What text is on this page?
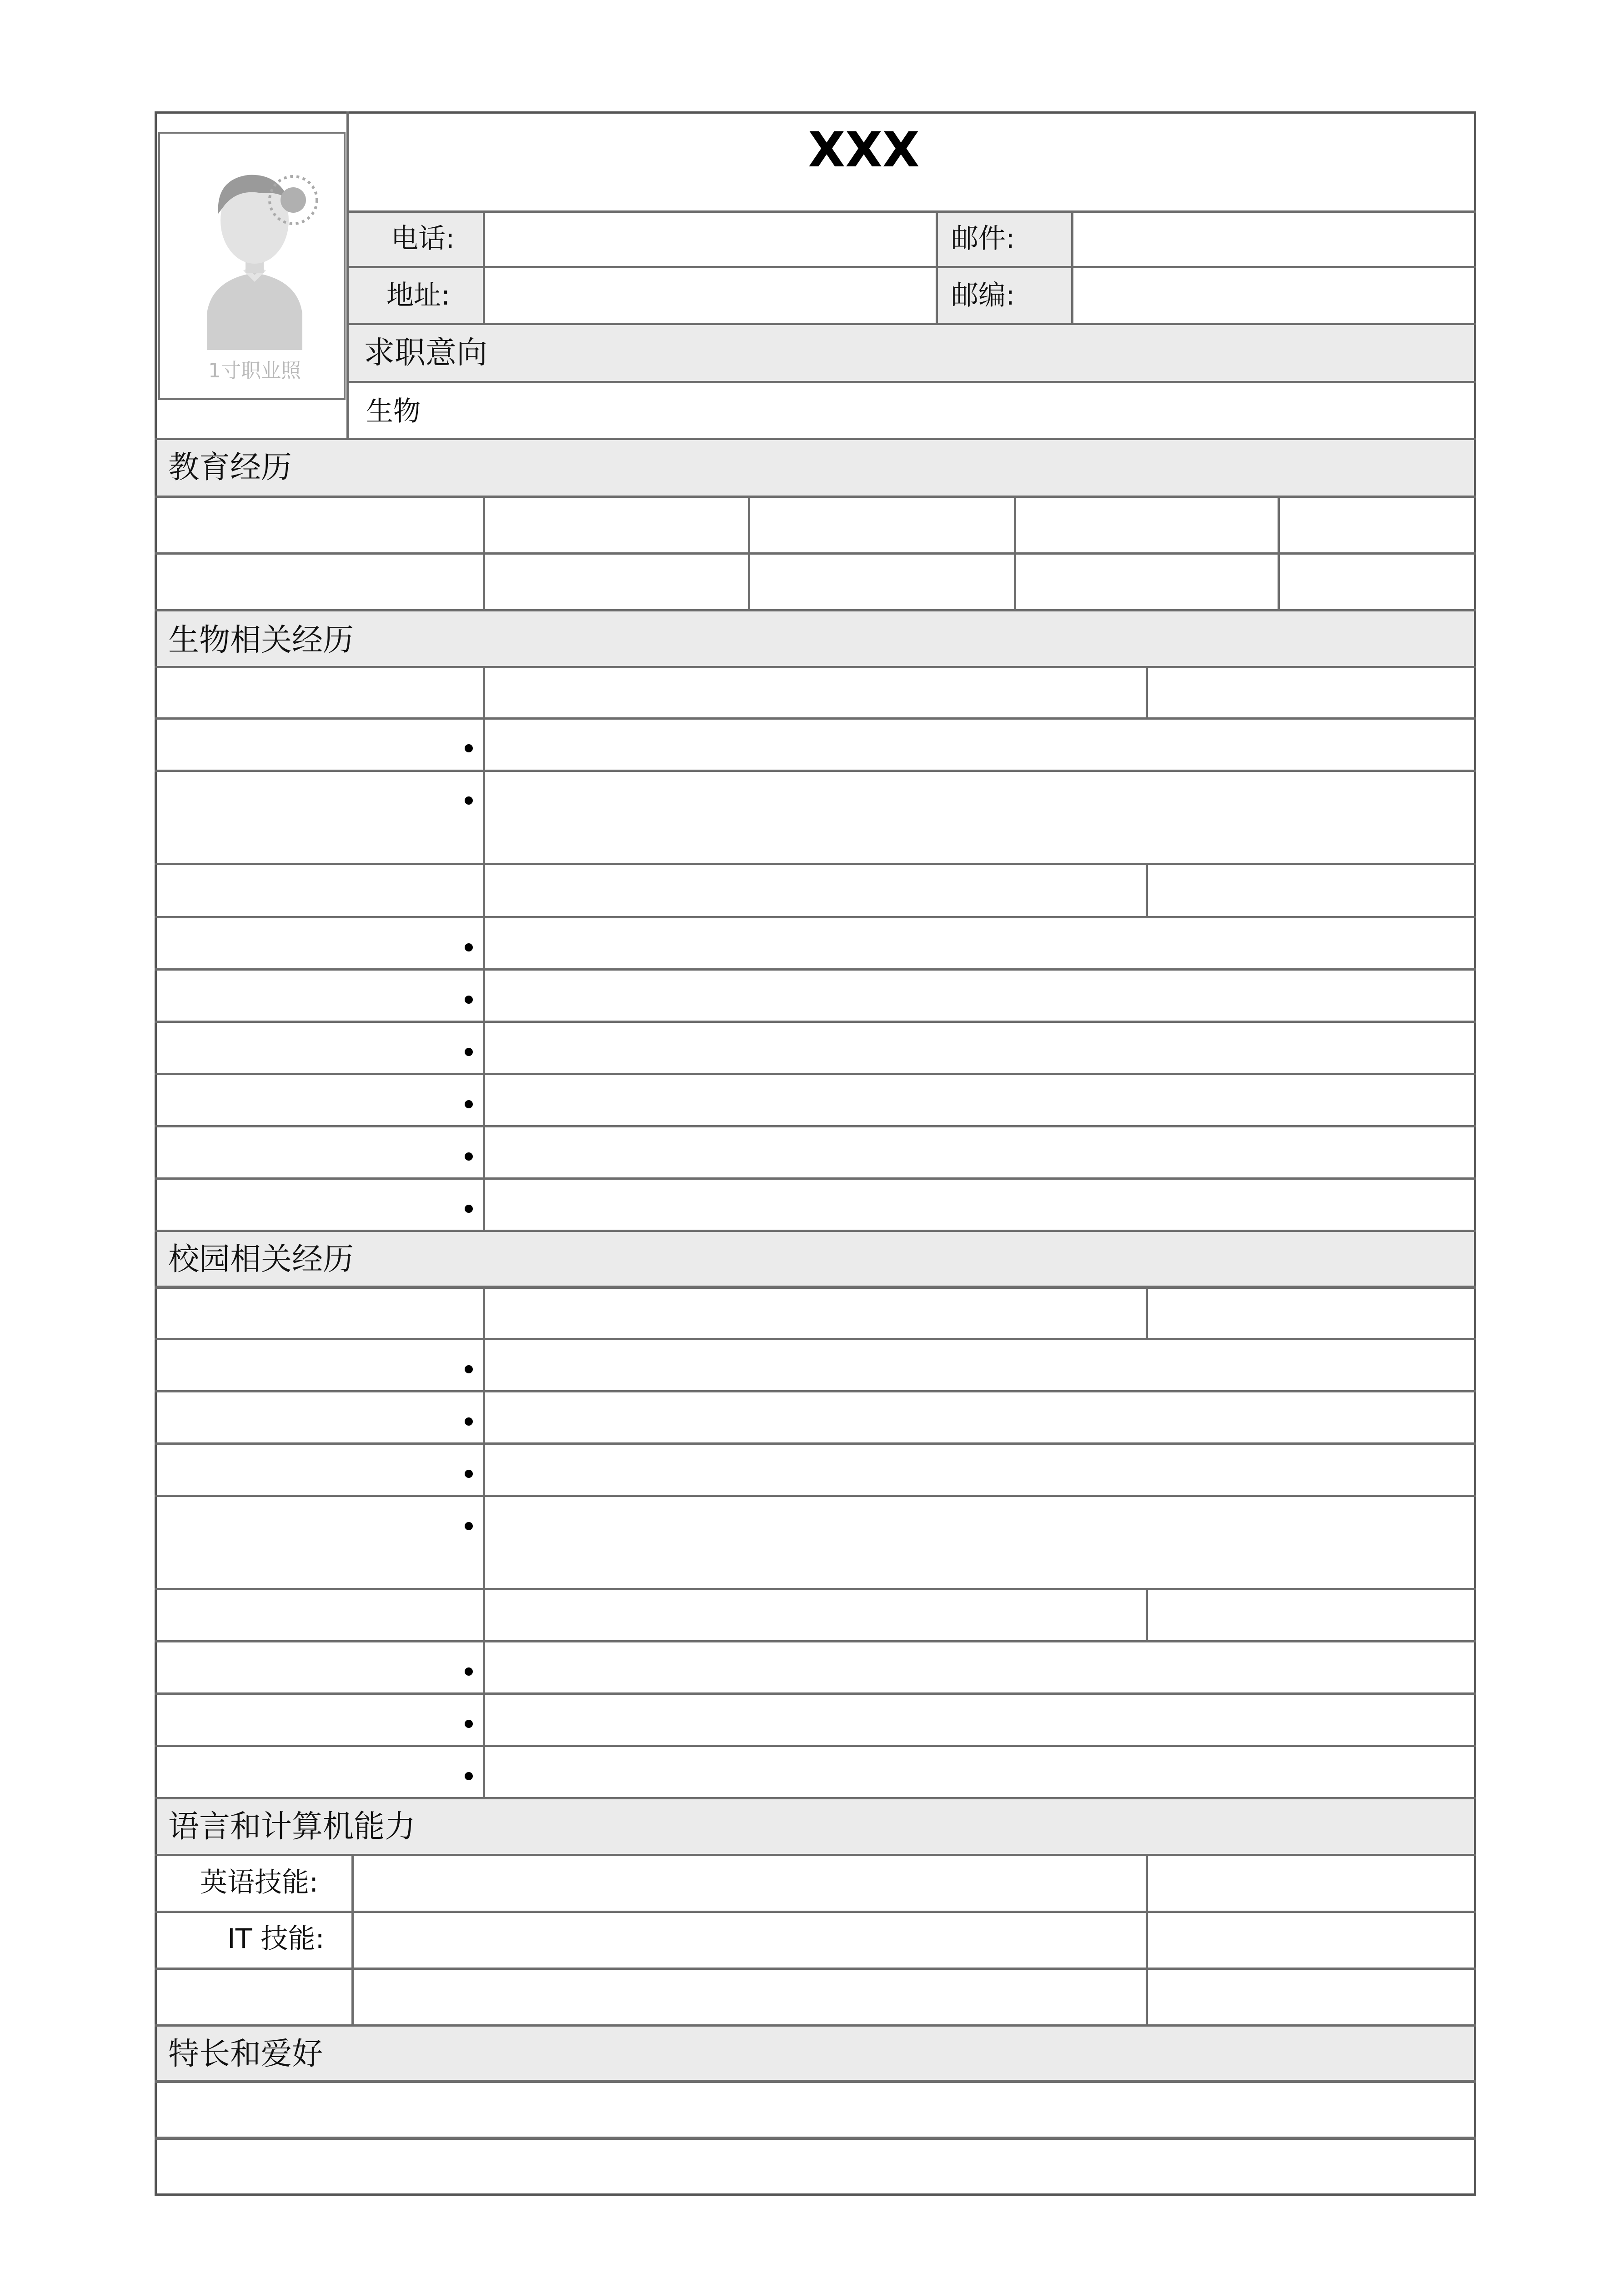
1寸职业照
XXX
电话:
地址:
邮件:
邮编:
求职意向
生物
教育经历
生物相关经历
校园相关经历
语言和计算机能力
英语技能:
IT 技能:
特长和爱好
